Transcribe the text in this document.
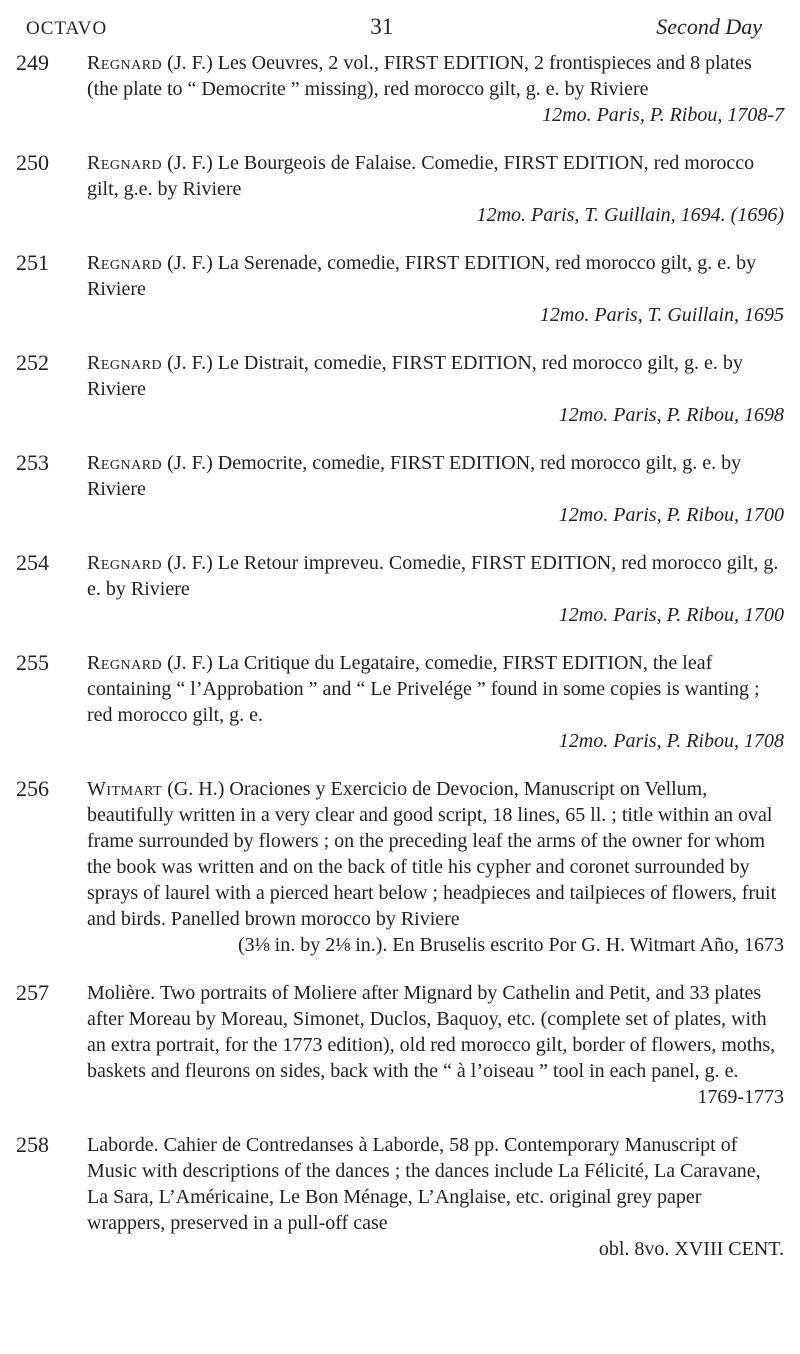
OCTAVO	31	Second Day
249	Regnard (J. F.) Les Oeuvres, 2 vol., FIRST EDITION, 2 frontispieces and 8 plates (the plate to “ Democrite ” missing), red morocco gilt, g. e. by Riviere
12mo. Paris, P. Ribou, 1708-7
250	Regnard (J. F.) Le Bourgeois de Falaise. Comedie, FIRST EDITION, red morocco gilt, g.e. by Riviere
12mo. Paris, T. Guillain, 1694. (1696)
251	Regnard (J. F.) La Serenade, comedie, FIRST EDITION, red morocco gilt, g. e. by Riviere
12mo. Paris, T. Guillain, 1695
252	Regnard (J. F.) Le Distrait, comedie, FIRST EDITION, red morocco gilt, g. e. by Riviere
12mo. Paris, P. Ribou, 1698
253	Regnard (J. F.) Democrite, comedie, FIRST EDITION, red morocco gilt, g. e. by Riviere
12mo. Paris, P. Ribou, 1700
254	Regnard (J. F.) Le Retour impreveu. Comedie, FIRST EDITION, red morocco gilt, g. e. by Riviere
12mo. Paris, P. Ribou, 1700
255	Regnard (J. F.) La Critique du Legataire, comedie, FIRST EDITION, the leaf containing “ l’Approbation ” and “ Le Privelége ” found in some copies is wanting ; red morocco gilt, g. e.
12mo. Paris, P. Ribou, 1708
256	Witmart (G. H.) Oraciones y Exercicio de Devocion, Manuscript on Vellum, beautifully written in a very clear and good script, 18 lines, 65 ll. ; title within an oval frame surrounded by flowers ; on the preceding leaf the arms of the owner for whom the book was written and on the back of title his cypher and coronet surrounded by sprays of laurel with a pierced heart below ; headpieces and tailpieces of flowers, fruit and birds. Panelled brown morocco by Riviere
(3⅛ in. by 2⅛ in.). En Bruselis escrito Por G. H. Witmart Año, 1673
257	Molière. Two portraits of Moliere after Mignard by Cathelin and Petit, and 33 plates after Moreau by Moreau, Simonet, Duclos, Baquoy, etc. (complete set of plates, with an extra portrait, for the 1773 edition), old red morocco gilt, border of flowers, moths, baskets and fleurons on sides, back with the “ à l’oiseau ” tool in each panel, g. e.
1769-1773
258	Laborde. Cahier de Contredanses à Laborde, 58 pp. Contemporary Manuscript of Music with descriptions of the dances ; the dances include La Félicité, La Caravane, La Sara, L’Américaine, Le Bon Ménage, L’Anglaise, etc. original grey paper wrappers, preserved in a pull-off case
obl. 8vo. XVIII CENT.
